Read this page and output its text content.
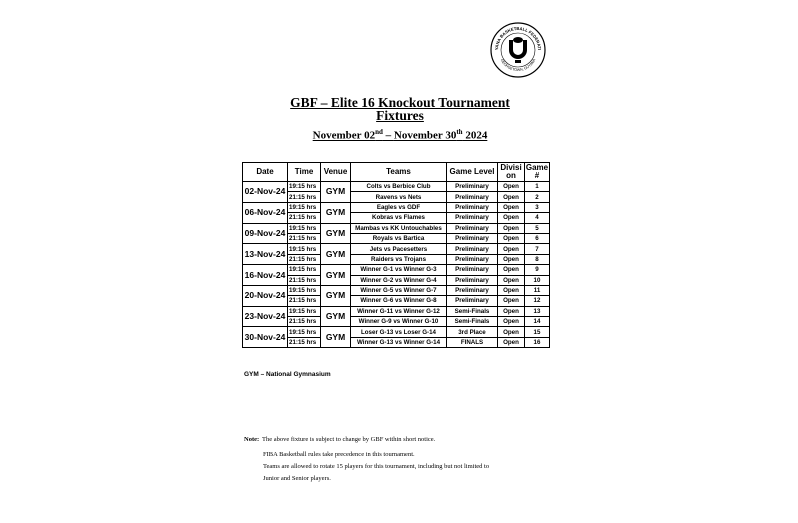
YANA BASKETBALL FEDERATI
GEORGETOWN, GUYANA
GBF – Elite 16 Knockout Tournament
Fixtures
November 02nd – November 30th 2024
Date	Time	Venue	Teams	Game Level	Divisi on	Game #
02-Nov-24	19:15 hrs	GYM	Colts vs Berbice Club	Preliminary	Open	1
	21:15 hrs		Ravens vs Nets	Preliminary	Open	2
06-Nov-24	19:15 hrs	GYM	Eagles vs GDF	Preliminary	Open	3
	21:15 hrs		Kobras vs Flames	Preliminary	Open	4
09-Nov-24	19:15 hrs	GYM	Mambas vs KK Untouchables	Preliminary	Open	5
	21:15 hrs		Royals vs Bartica	Preliminary	Open	6
13-Nov-24	19:15 hrs	GYM	Jets vs Pacesetters	Preliminary	Open	7
	21:15 hrs		Raiders vs Trojans	Preliminary	Open	8
16-Nov-24	19:15 hrs	GYM	Winner G-1 vs Winner G-3	Preliminary	Open	9
	21:15 hrs		Winner G-2 vs Winner G-4	Preliminary	Open	10
20-Nov-24	19:15 hrs	GYM	Winner G-5 vs Winner G-7	Preliminary	Open	11
	21:15 hrs		Winner G-6 vs Winner G-8	Preliminary	Open	12
23-Nov-24	19:15 hrs	GYM	Winner G-11 vs Winner G-12	Semi-Finals	Open	13
	21:15 hrs		Winner G-9 vs Winner G-10	Semi-Finals	Open	14
30-Nov-24	19:15 hrs	GYM	Loser G-13 vs Loser G-14	3rd Place	Open	15
	21:15 hrs		Winner G-13 vs Winner G-14	FINALS	Open	16
GYM – National Gymnasium
Note: The above fixture is subject to change by GBF within short notice.
FIBA Basketball rules take precedence in this tournament.
Teams are allowed to rotate 15 players for this tournament, including but not limited to
Junior and Senior players.
